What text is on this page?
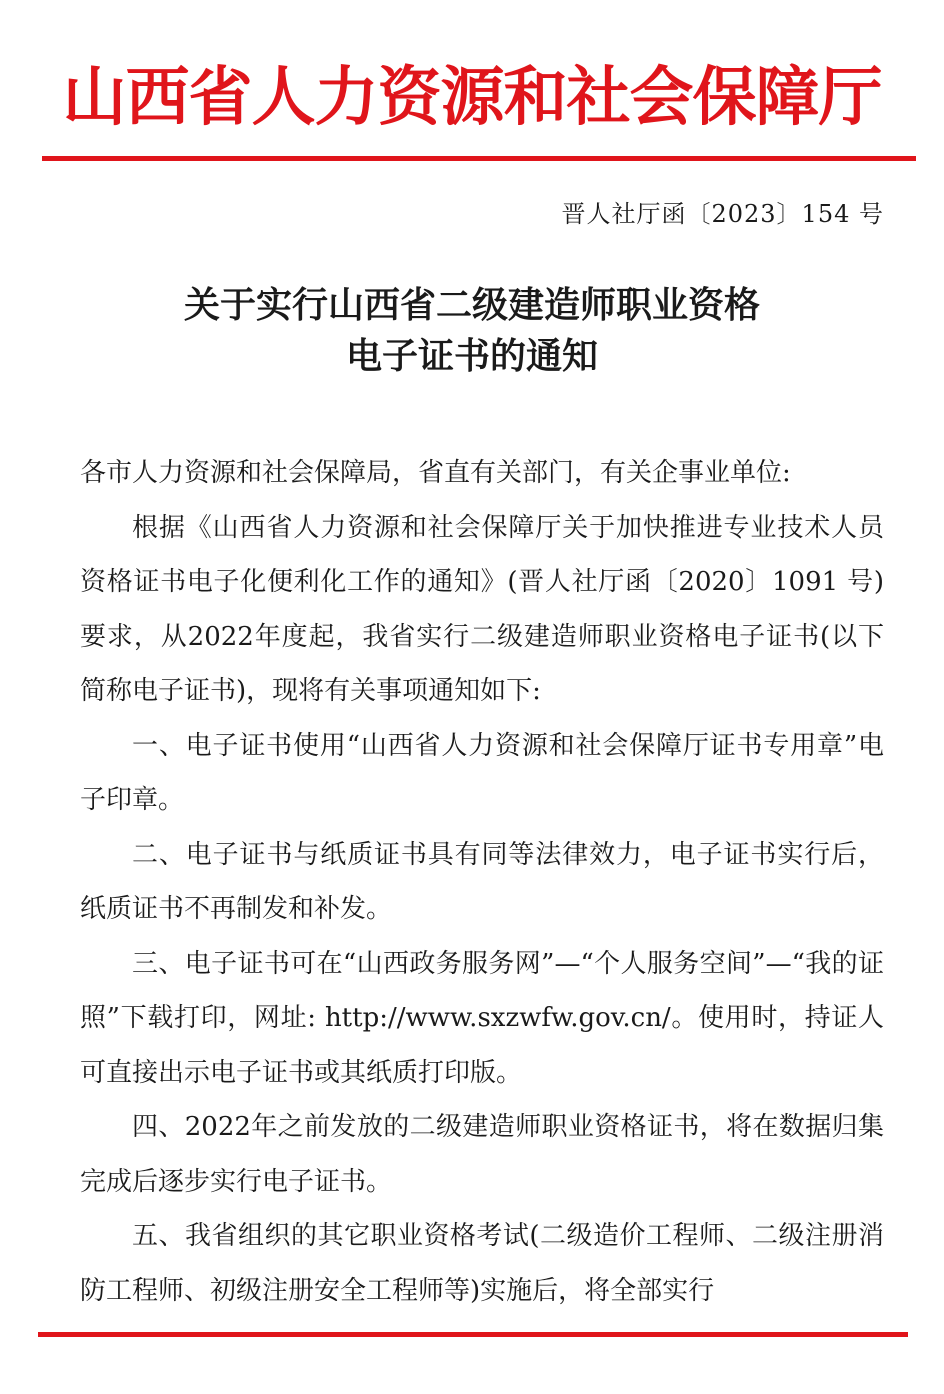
山西省人力资源和社会保障厅
晋人社厅函〔2023〕154 号
关于实行山西省二级建造师职业资格
电子证书的通知

各市人力资源和社会保障局，省直有关部门，有关企事业单位:

根据《山西省人力资源和社会保障厅关于加快推进专业技术人员资格证书电子化便利化工作的通知》(晋人社厅函〔2020〕1091 号)要求，从2022年度起，我省实行二级建造师职业资格电子证书(以下简称电子证书)，现将有关事项通知如下:

一、电子证书使用“山西省人力资源和社会保障厅证书专用章”电子印章。

二、电子证书与纸质证书具有同等法律效力，电子证书实行后，纸质证书不再制发和补发。

三、电子证书可在“山西政务服务网”—“个人服务空间”—“我的证照”下载打印，网址: http://www.sxzwfw.gov.cn/。使用时，持证人可直接出示电子证书或其纸质打印版。

四、2022年之前发放的二级建造师职业资格证书，将在数据归集完成后逐步实行电子证书。

五、我省组织的其它职业资格考试(二级造价工程师、二级注册消防工程师、初级注册安全工程师等)实施后，将全部实行
